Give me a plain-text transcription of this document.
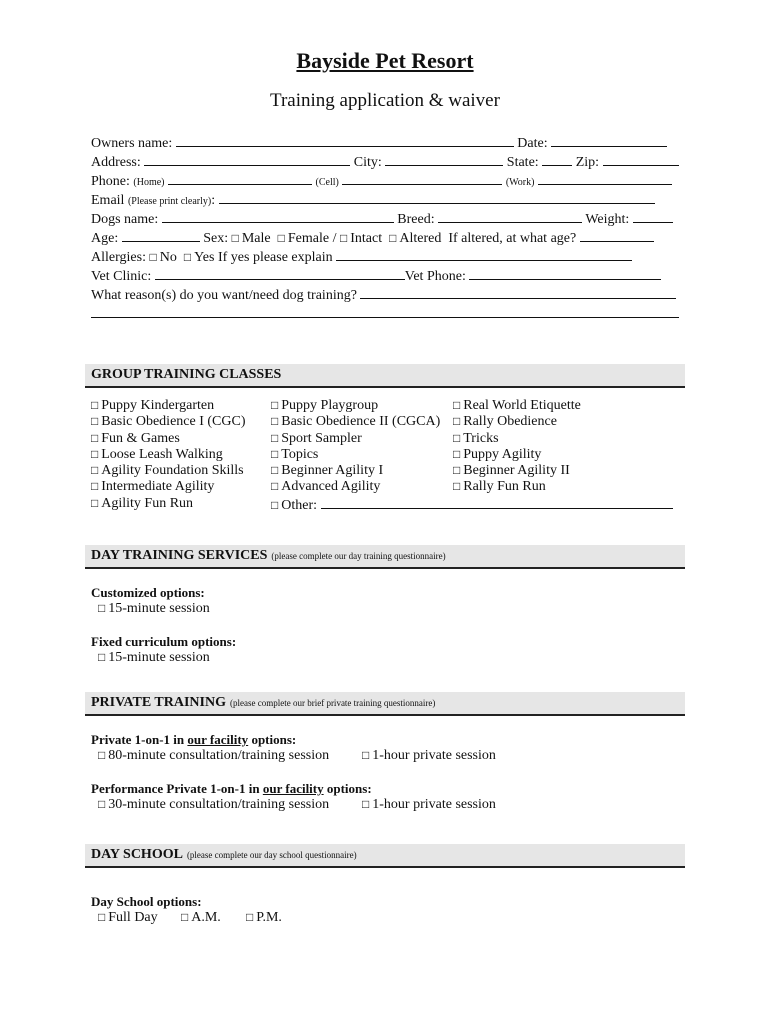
Bayside Pet Resort
Training application & waiver
Owners name:	Date:
Address:	City:	State:	Zip:
Phone: (Home)	(Cell)	(Work)
Email (Please print clearly):
Dogs name:	Breed:	Weight:
Age:	Sex: □ Male □ Female / □ Intact □ Altered If altered, at what age?
Allergies: □ No □ Yes If yes please explain
Vet Clinic:	Vet Phone:
What reason(s) do you want/need dog training?
GROUP TRAINING CLASSES
□ Puppy Kindergarten
□ Basic Obedience I (CGC)
□ Fun & Games
□ Loose Leash Walking
□ Agility Foundation Skills
□ Intermediate Agility
□ Agility Fun Run
□ Puppy Playgroup
□ Basic Obedience II (CGCA)
□ Sport Sampler
□ Topics
□ Beginner Agility I
□ Advanced Agility
□ Other:
□ Real World Etiquette
□ Rally Obedience
□ Tricks
□ Puppy Agility
□ Beginner Agility II
□ Rally Fun Run
DAY TRAINING SERVICES (please complete our day training questionnaire)
Customized options:
□ 15-minute session
Fixed curriculum options:
□ 15-minute session
PRIVATE TRAINING (please complete our brief private training questionnaire)
Private 1-on-1 in our facility options:
□ 80-minute consultation/training session	□ 1-hour private session
Performance Private 1-on-1 in our facility options:
□ 30-minute consultation/training session	□ 1-hour private session
DAY SCHOOL (please complete our day school questionnaire)
Day School options:
□ Full Day □ A.M. □ P.M.
